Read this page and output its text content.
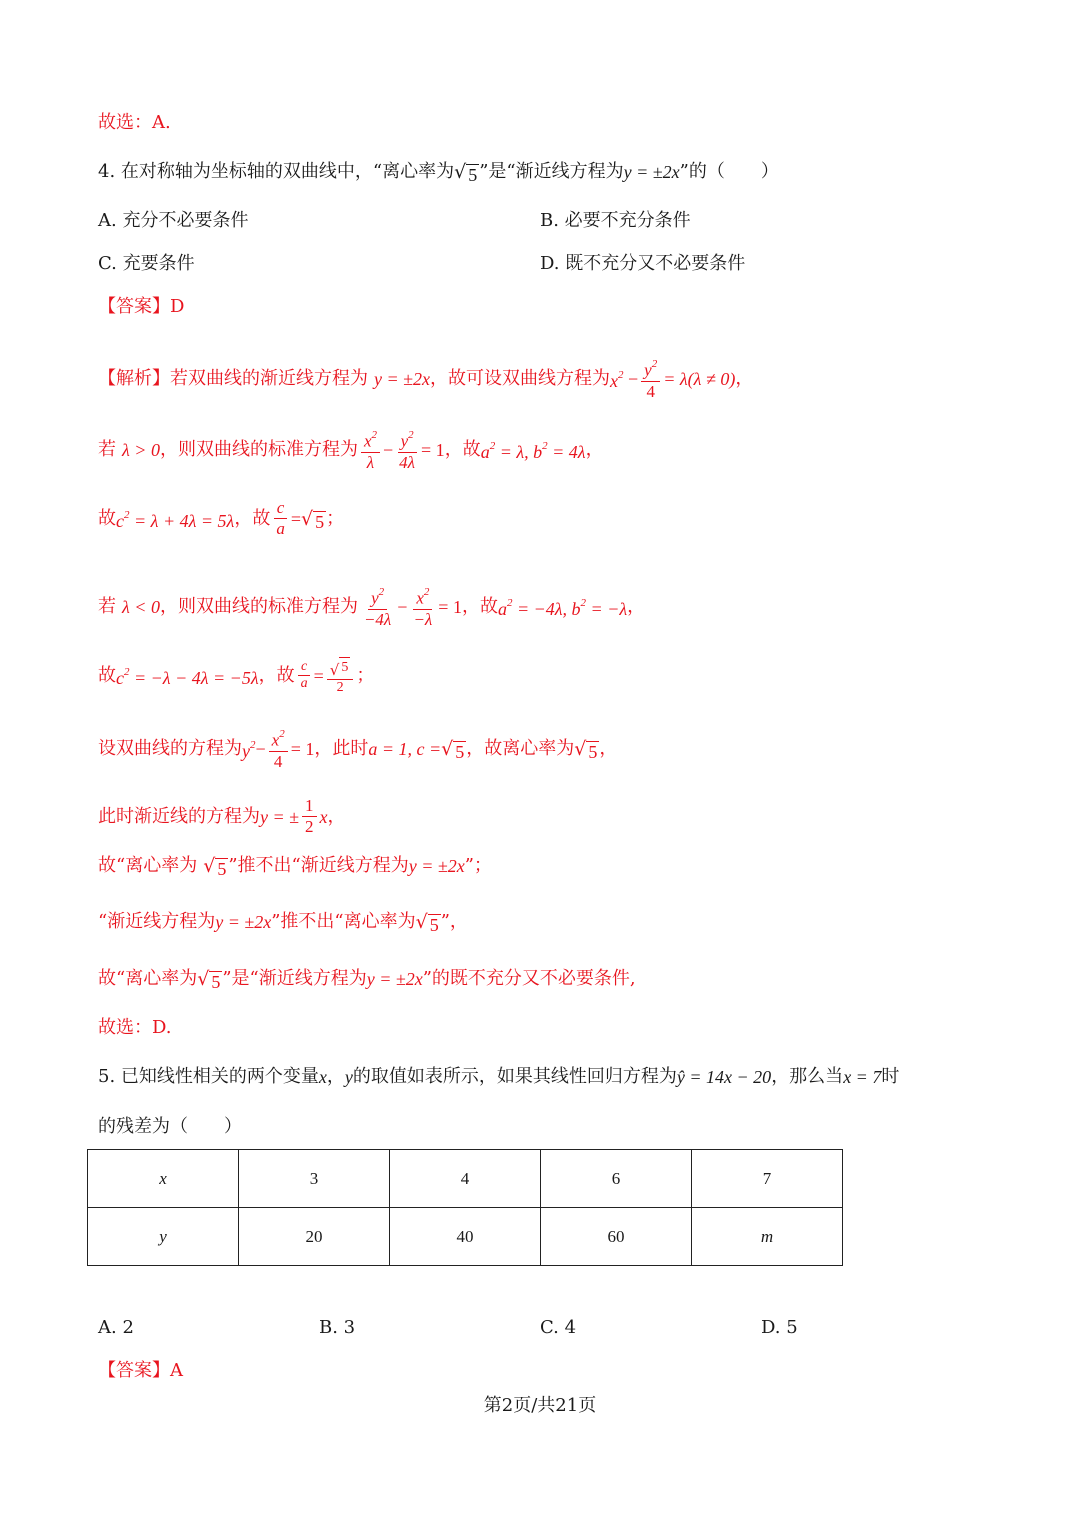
故选：A.
4. 在对称轴为坐标轴的双曲线中，“离心率为 √ 5 ”是“渐近线方程为 y = ±2x ”的（　　）
A. 充分不必要条件	B. 必要不充分条件
C. 充要条件	D. 既不充分又不必要条件
【答案】D
【解析】 若双曲线的渐近线方程为 y = ±2x ，故可设双曲线方程为 $x^2 - \frac{y^2}{4} = \lambda(\lambda \ne 0)$ ，
若 λ > 0 ，则双曲线的标准方程为 $\frac{x^2}{\lambda} - \frac{y^2}{4\lambda} = 1$ ，故 $a^2 = \lambda$, $b^2 = 4\lambda$ ，
故 $c^2 = \lambda + 4\lambda = 5\lambda$ ，故 $\frac{c}{a}$ = √ 5 ；
若 λ < 0 ，则双曲线的标准方程为 $\frac{y^2}{-4\lambda} - \frac{x^2}{-\lambda} = 1$ ，故 $a^2 = -4\lambda$, $b^2 = -\lambda$ ，
故 $c^2 = -\lambda - 4\lambda = -5\lambda$ ，故 $\frac{c}{a} = \frac{√ 5}{2}$ ；
设双曲线的方程为 $y^2 - \frac{x^2}{4} = 1$ ，此时 a = 1, c = √ 5 ，故离心率为 √ 5 ，
此时渐近线的方程为 y = ± $\frac{1}{2}$ x ，
故“离心率为 √ 5 ”推不出“渐近线方程为 y = ±2x ”；
“渐近线方程为 y = ±2x ”推不出“离心率为 √ 5 ”，
故“离心率为 √ 5 ”是“渐近线方程为 y = ±2x ”的既不充分又不必要条件,
故选：D.
5. 已知线性相关的两个变量 x ， y 的取值如表所示，如果其线性回归方程为 ŷ = 14x − 20 ，那么当 x = 7 时
的残差为（　　）
x	3	4	6	7
y	20	40	60	m
A. 2	B. 3	C. 4	D. 5
【答案】A
第2页/共21页
